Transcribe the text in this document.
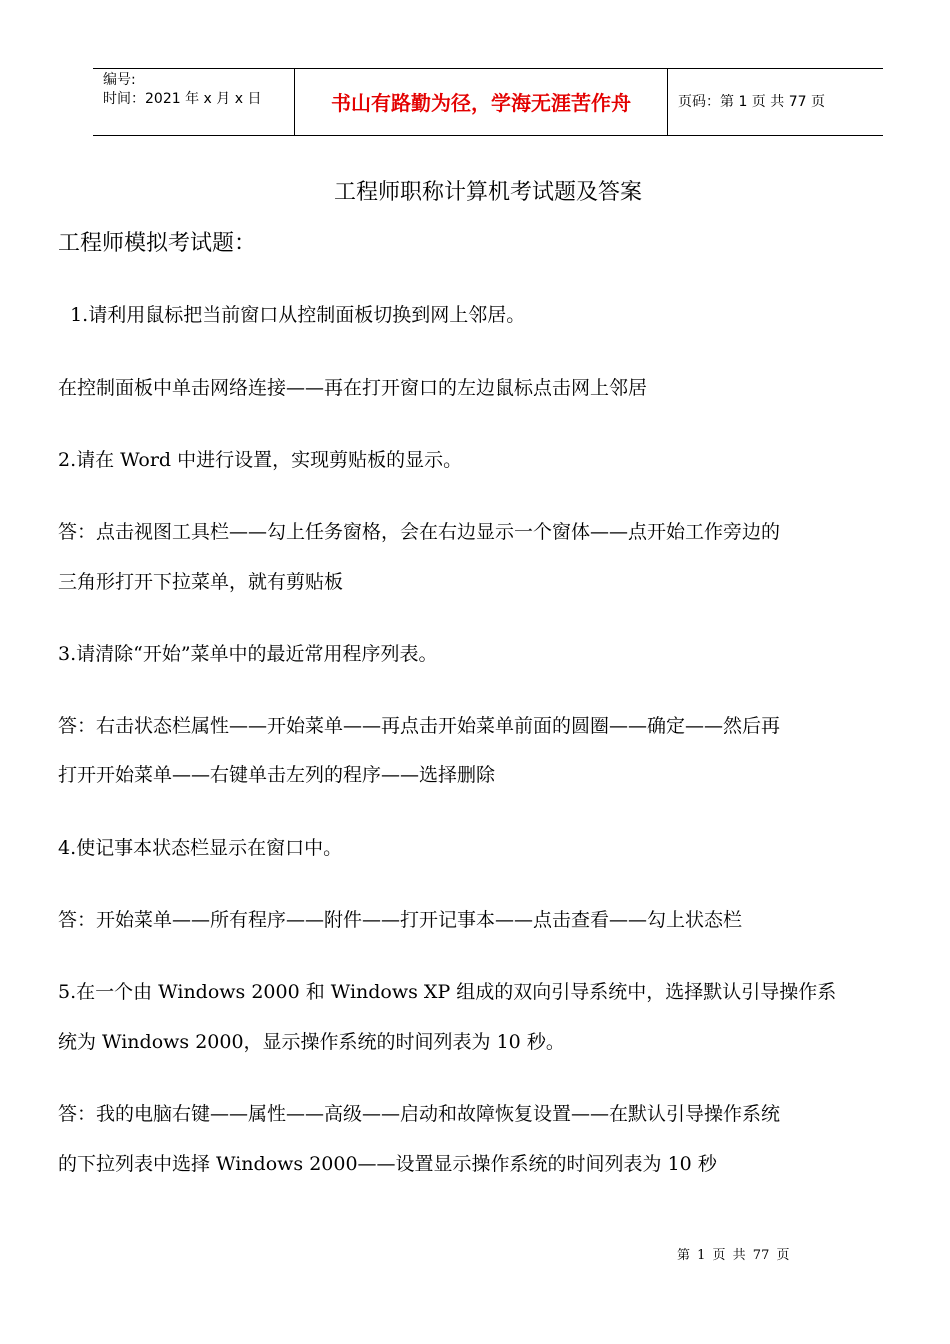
编号:
时间：2021 年 x 月 x 日	书山有路勤为径，学海无涯苦作舟	页码：第 1 页 共 77 页
工程师职称计算机考试题及答案
工程师模拟考试题：
1.请利用鼠标把当前窗口从控制面板切换到网上邻居。
在控制面板中单击网络连接——再在打开窗口的左边鼠标点击网上邻居
2.请在 Word 中进行设置，实现剪贴板的显示。
答：点击视图工具栏——勾上任务窗格，会在右边显示一个窗体——点开始工作旁边的
三角形打开下拉菜单，就有剪贴板
3.请清除“开始”菜单中的最近常用程序列表。
答：右击状态栏属性——开始菜单——再点击开始菜单前面的圆圈——确定——然后再
打开开始菜单——右键单击左列的程序——选择删除
4.使记事本状态栏显示在窗口中。
答：开始菜单——所有程序——附件——打开记事本——点击查看——勾上状态栏
5.在一个由 Windows 2000 和 Windows XP 组成的双向引导系统中，选择默认引导操作系
统为 Windows 2000，显示操作系统的时间列表为 10 秒。
答：我的电脑右键——属性——高级——启动和故障恢复设置——在默认引导操作系统
的下拉列表中选择 Windows 2000——设置显示操作系统的时间列表为 10 秒
第 1 页 共 77 页
